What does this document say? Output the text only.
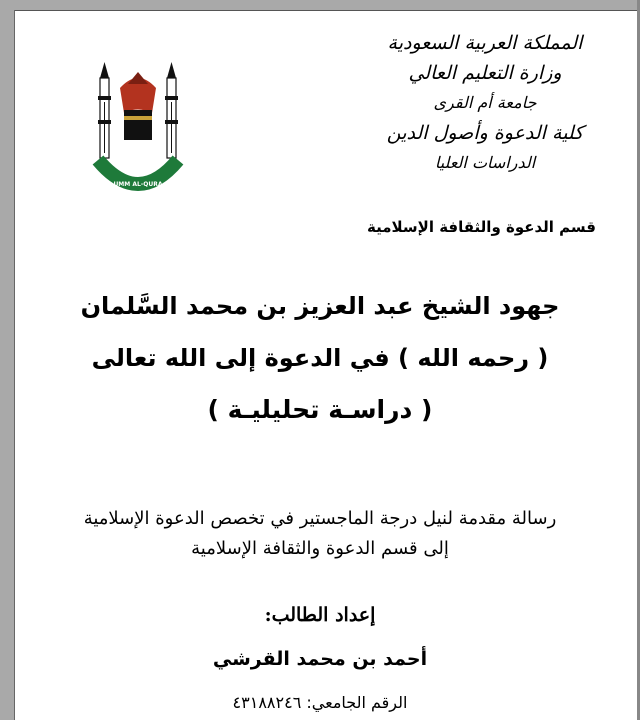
المملكة العربية السعودية
وزارة التعليم العالي
جامعة أم القرى
كلية الدعوة وأصول الدين
الدراسات العليا
قسم الدعوة والثقافة الإسلامية
UMM AL-QURA
جهود الشيخ عبد العزيز بن محمد السَّلمان
( رحمه الله ) في الدعوة إلى الله تعالى
( دراسـة تحليليـة )
رسالة مقدمة لنيل درجة الماجستير في تخصص الدعوة الإسلامية
إلى قسم الدعوة والثقافة الإسلامية
إعداد الطالب:
أحمد بن محمد القرشي
الرقم الجامعي: ٤٣١٨٨٢٤٦
